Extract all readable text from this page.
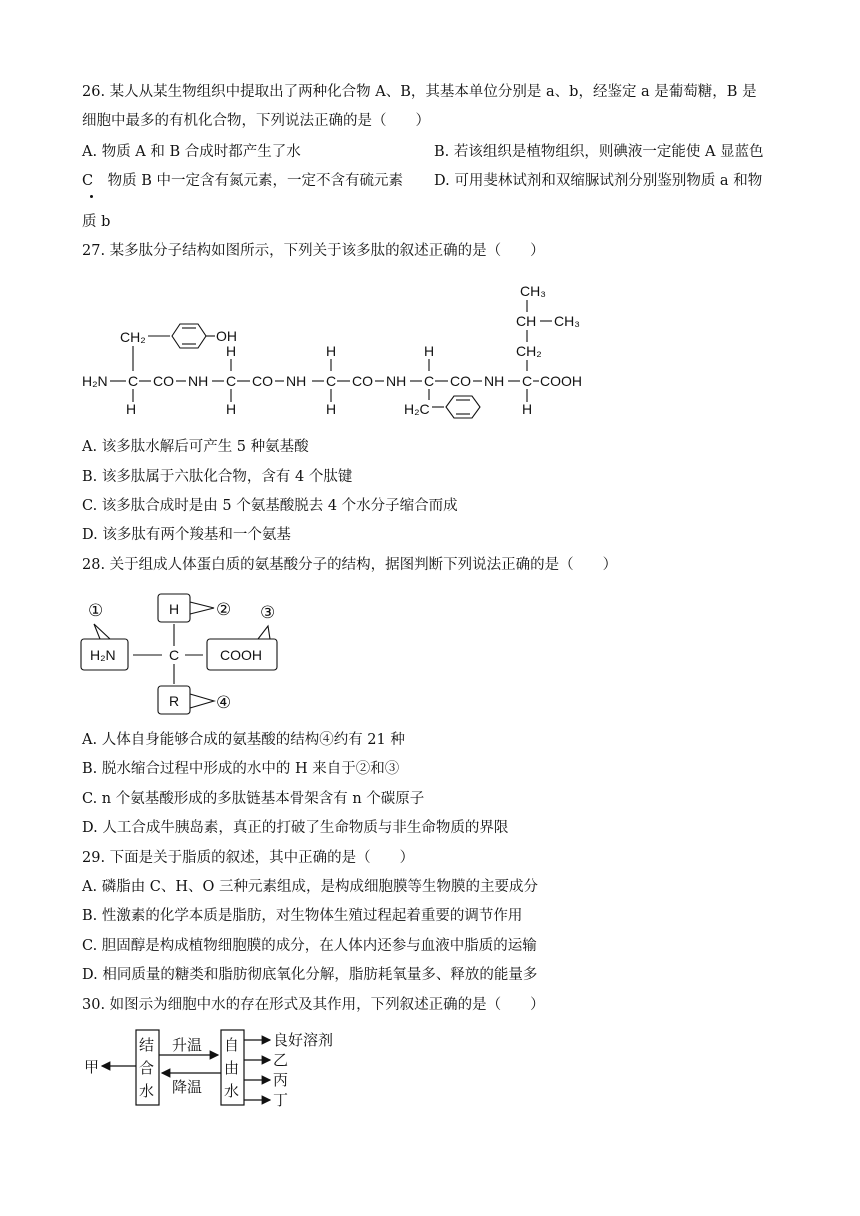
26. 某人从某生物组织中提取出了两种化合物 A、B，其基本单位分别是 a、b，经鉴定 a 是葡萄糖，B 是
细胞中最多的有机化合物，下列说法正确的是（　　）
A. 物质 A 和 B 合成时都产生了水	B. 若该组织是植物组织，则碘液一定能使 A 显蓝色
C　物质 B 中一定含有氮元素，一定不含有硫元素 D. 可用斐林试剂和双缩脲试剂分别鉴别物质 a 和物
质 b
27. 某多肽分子结构如图所示，下列关于该多肽的叙述正确的是（　　）
H₂N C CO NH C CO NH C CO NH C CO NH C COOH
H
CH₂	OH
H
H
H
H
H
H₂C
CH₃
CH CH₃
CH₂
H
A. 该多肽水解后可产生 5 种氨基酸
B. 该多肽属于六肽化合物，含有 4 个肽键
C. 该多肽合成时是由 5 个氨基酸脱去 4 个水分子缩合而成
D. 该多肽有两个羧基和一个氨基
28. 关于组成人体蛋白质的氨基酸分子的结构，据图判断下列说法正确的是（　　）
①	② ③
④
H
H₂N	C	COOH
R
A. 人体自身能够合成的氨基酸的结构④约有 21 种
B. 脱水缩合过程中形成的水中的 H 来自于②和③
C. n 个氨基酸形成的多肽链基本骨架含有 n 个碳原子
D. 人工合成牛胰岛素，真正的打破了生命物质与非生命物质的界限
29. 下面是关于脂质的叙述，其中正确的是（　　）
A. 磷脂由 C、H、O 三种元素组成，是构成细胞膜等生物膜的主要成分
B. 性激素的化学本质是脂肪，对生物体生殖过程起着重要的调节作用
C. 胆固醇是构成植物细胞膜的成分，在人体内还参与血液中脂质的运输
D. 相同质量的糖类和脂肪彻底氧化分解，脂肪耗氧量多、释放的能量多
30. 如图示为细胞中水的存在形式及其作用，下列叙述正确的是（　　）
甲
结
合
水
自
由
水
升温
降温
良好溶剂
乙
丙
丁
